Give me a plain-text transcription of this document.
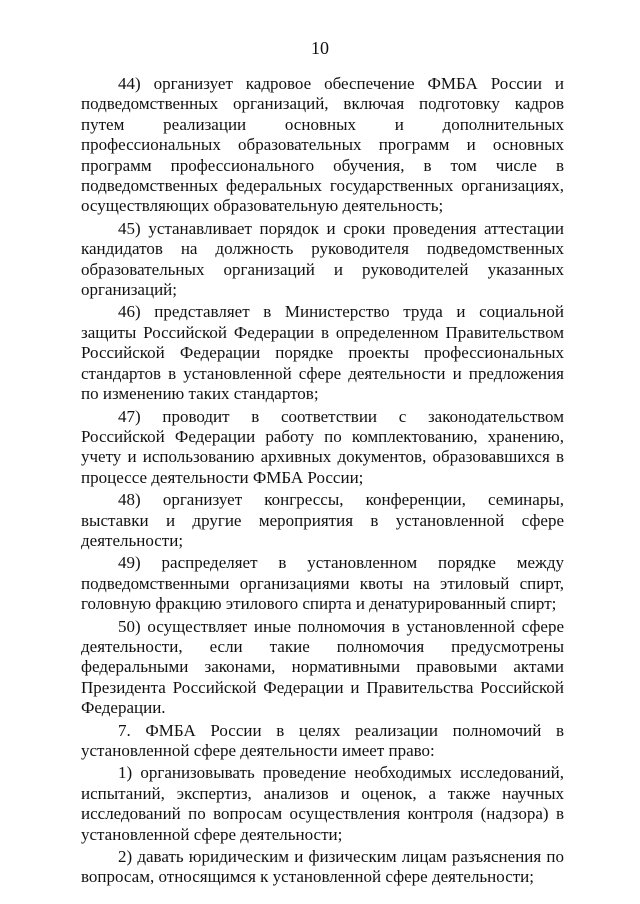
10

44) организует кадровое обеспечение ФМБА России и подведомственных организаций, включая подготовку кадров путем реализации основных и дополнительных профессиональных образовательных программ и основных программ профессионального обучения, в том числе в подведомственных федеральных государственных организациях, осуществляющих образовательную деятельность;

45) устанавливает порядок и сроки проведения аттестации кандидатов на должность руководителя подведомственных образовательных организаций и руководителей указанных организаций;

46) представляет в Министерство труда и социальной защиты Российской Федерации в определенном Правительством Российской Федерации порядке проекты профессиональных стандартов в установленной сфере деятельности и предложения по изменению таких стандартов;

47) проводит в соответствии с законодательством Российской Федерации работу по комплектованию, хранению, учету и использованию архивных документов, образовавшихся в процессе деятельности ФМБА России;

48) организует конгрессы, конференции, семинары, выставки и другие мероприятия в установленной сфере деятельности;

49) распределяет в установленном порядке между подведомственными организациями квоты на этиловый спирт, головную фракцию этилового спирта и денатурированный спирт;

50) осуществляет иные полномочия в установленной сфере деятельности, если такие полномочия предусмотрены федеральными законами, нормативными правовыми актами Президента Российской Федерации и Правительства Российской Федерации.

7. ФМБА России в целях реализации полномочий в установленной сфере деятельности имеет право:

1) организовывать проведение необходимых исследований, испытаний, экспертиз, анализов и оценок, а также научных исследований по вопросам осуществления контроля (надзора) в установленной сфере деятельности;

2) давать юридическим и физическим лицам разъяснения по вопросам, относящимся к установленной сфере деятельности;
